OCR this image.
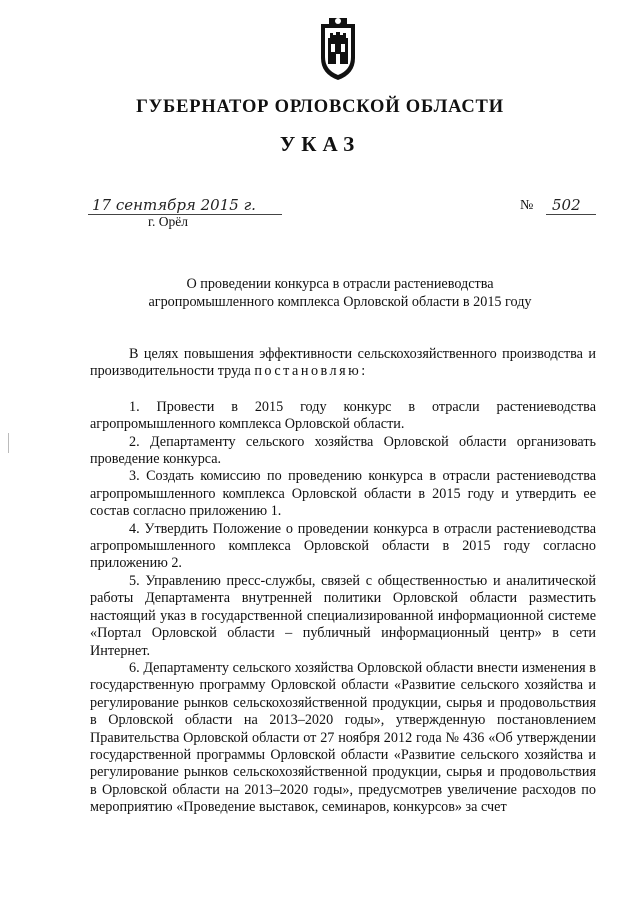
ГУБЕРНАТОР ОРЛОВСКОЙ ОБЛАСТИ
УКАЗ
17 сентября 2015 г.
г. Орёл
№ 502
О проведении конкурса в отрасли растениеводства
агропромышленного комплекса Орловской области в 2015 году

В целях повышения эффективности сельскохозяйственного производства и производительности труда постановляю:

1. Провести в 2015 году конкурс в отрасли растениеводства агропромышленного комплекса Орловской области.

2. Департаменту сельского хозяйства Орловской области организовать проведение конкурса.

3. Создать комиссию по проведению конкурса в отрасли растениеводства агропромышленного комплекса Орловской области в 2015 году и утвердить ее состав согласно приложению 1.

4. Утвердить Положение о проведении конкурса в отрасли растениеводства агропромышленного комплекса Орловской области в 2015 году согласно приложению 2.

5. Управлению пресс-службы, связей с общественностью и аналитической работы Департамента внутренней политики Орловской области разместить настоящий указ в государственной специализированной информационной системе «Портал Орловской области – публичный информационный центр» в сети Интернет.

6. Департаменту сельского хозяйства Орловской области внести изменения в государственную программу Орловской области «Развитие сельского хозяйства и регулирование рынков сельскохозяйственной продукции, сырья и продовольствия в Орловской области на 2013–2020 годы», утвержденную постановлением Правительства Орловской области от 27 ноября 2012 года № 436 «Об утверждении государственной программы Орловской области «Развитие сельского хозяйства и регулирование рынков сельскохозяйственной продукции, сырья и продовольствия в Орловской области на 2013–2020 годы», предусмотрев увеличение расходов по мероприятию «Проведение выставок, семинаров, конкурсов» за счет
